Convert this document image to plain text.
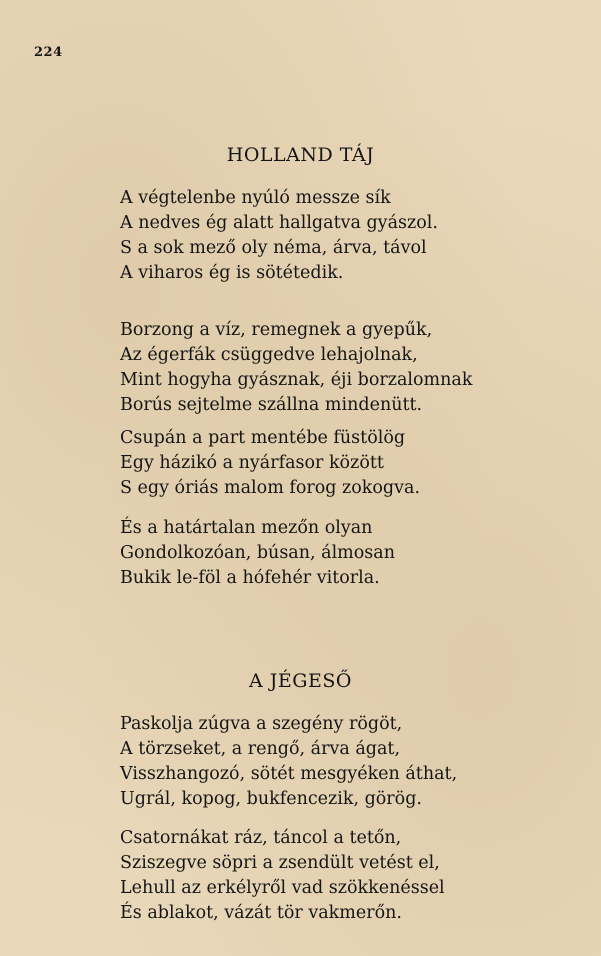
224
HOLLAND TÁJ
A végtelenbe nyúló messze sík
A nedves ég alatt hallgatva gyászol.
S a sok mező oly néma, árva, távol
A viharos ég is sötétedik.
Borzong a víz, remegnek a gyepűk,
Az égerfák csüggedve lehajolnak,
Mint hogyha gyásznak, éji borzalomnak
Borús sejtelme szállna mindenütt.
Csupán a part mentébe füstölög
Egy házikó a nyárfasor között
S egy óriás malom forog zokogva.
És a határtalan mezőn olyan
Gondolkozóan, búsan, álmosan
Bukik le-föl a hófehér vitorla.
A JÉGESŐ
Paskolja zúgva a szegény rögöt,
A törzseket, a rengő, árva ágat,
Visszhangozó, sötét mesgyéken áthat,
Ugrál, kopog, bukfencezik, görög.
Csatornákat ráz, táncol a tetőn,
Sziszegve söpri a zsendült vetést el,
Lehull az erkélyről vad szökkenéssel
És ablakot, vázát tör vakmerőn.
